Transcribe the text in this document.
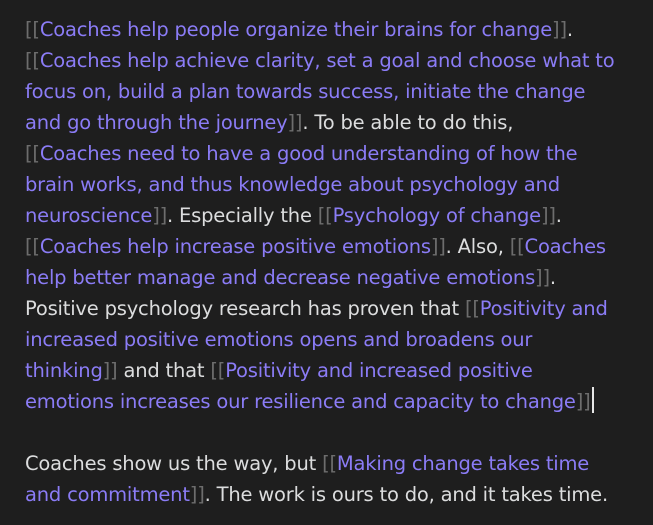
[[Coaches help people organize their brains for change]].
[[Coaches help achieve clarity, set a goal and choose what to
focus on, build a plan towards success, initiate the change
and go through the journey]]. To be able to do this,
[[Coaches need to have a good understanding of how the
brain works, and thus knowledge about psychology and
neuroscience]]. Especially the [[Psychology of change]].
[[Coaches help increase positive emotions]]. Also, [[Coaches
help better manage and decrease negative emotions]].
Positive psychology research has proven that [[Positivity and
increased positive emotions opens and broadens our
thinking]] and that [[Positivity and increased positive
emotions increases our resilience and capacity to change]]
Coaches show us the way, but [[Making change takes time
and commitment]]. The work is ours to do, and it takes time.
